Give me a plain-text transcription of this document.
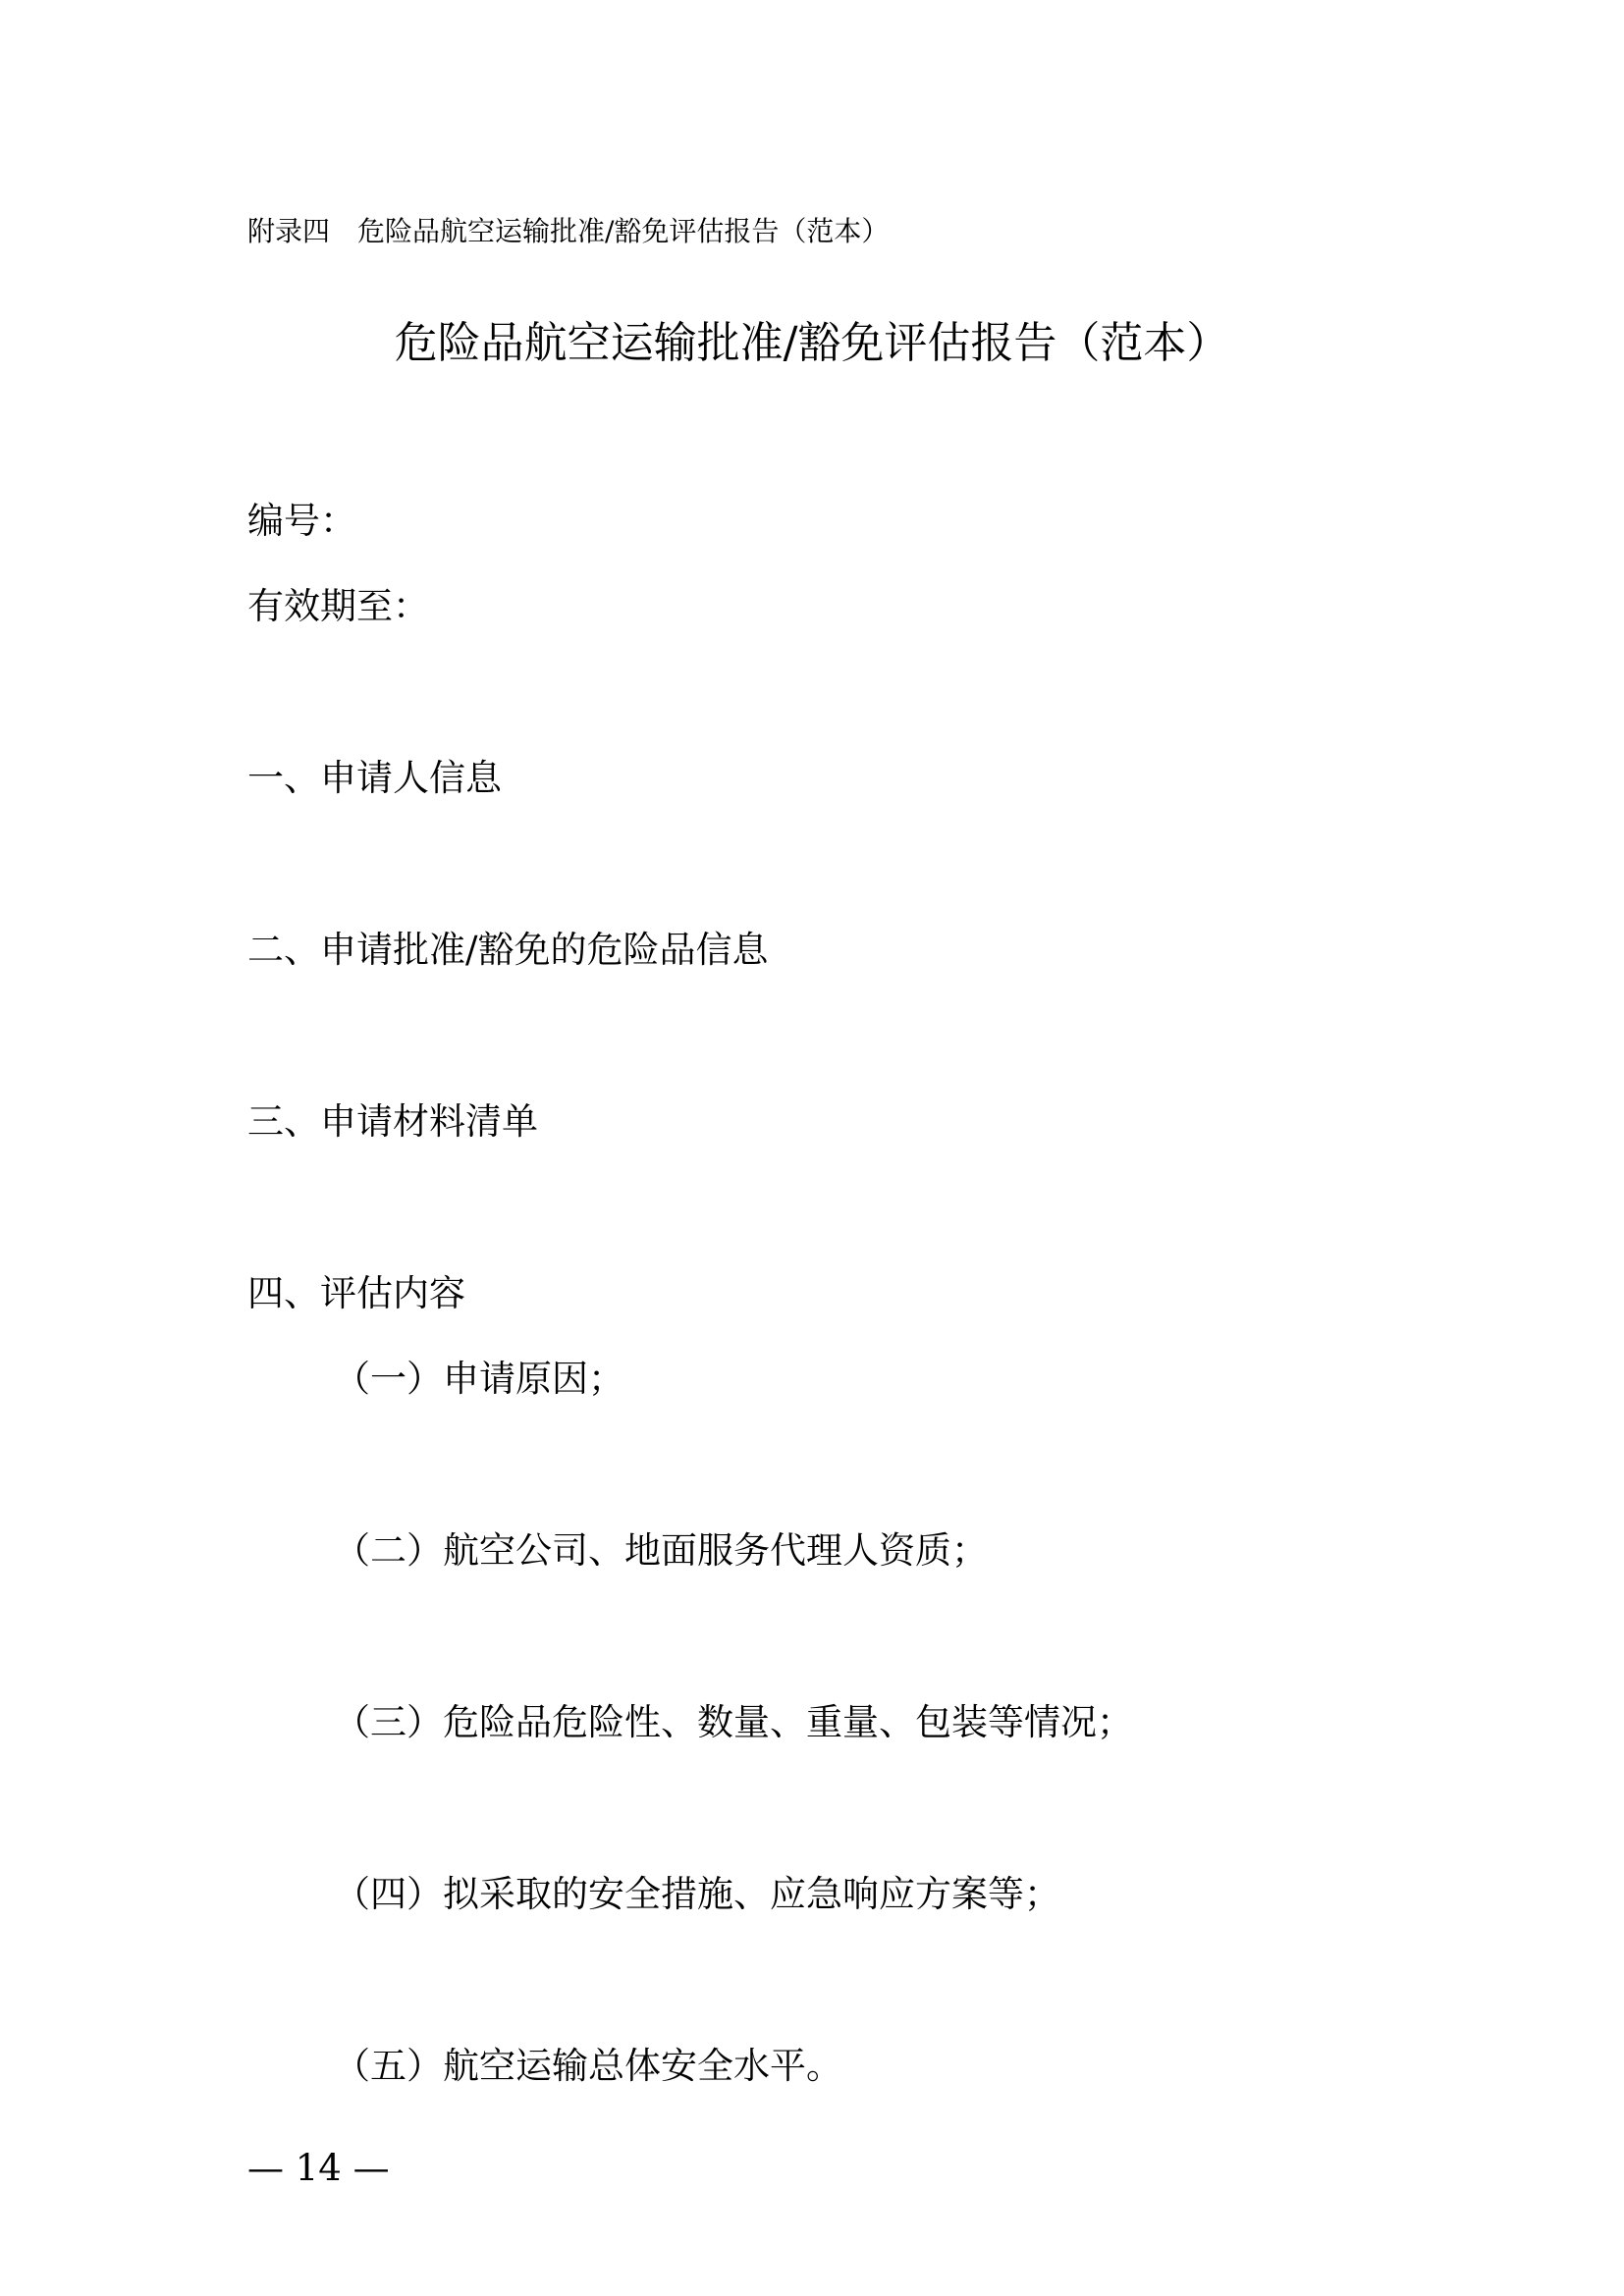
附录四　危险品航空运输批准/豁免评估报告（范本）
危险品航空运输批准/豁免评估报告（范本）
编号：
有效期至：
一、申请人信息
二、申请批准/豁免的危险品信息
三、申请材料清单
四、评估内容
（一）申请原因；
（二）航空公司、地面服务代理人资质；
（三）危险品危险性、数量、重量、包装等情况；
（四）拟采取的安全措施、应急响应方案等；
（五）航空运输总体安全水平。
— 14 —
